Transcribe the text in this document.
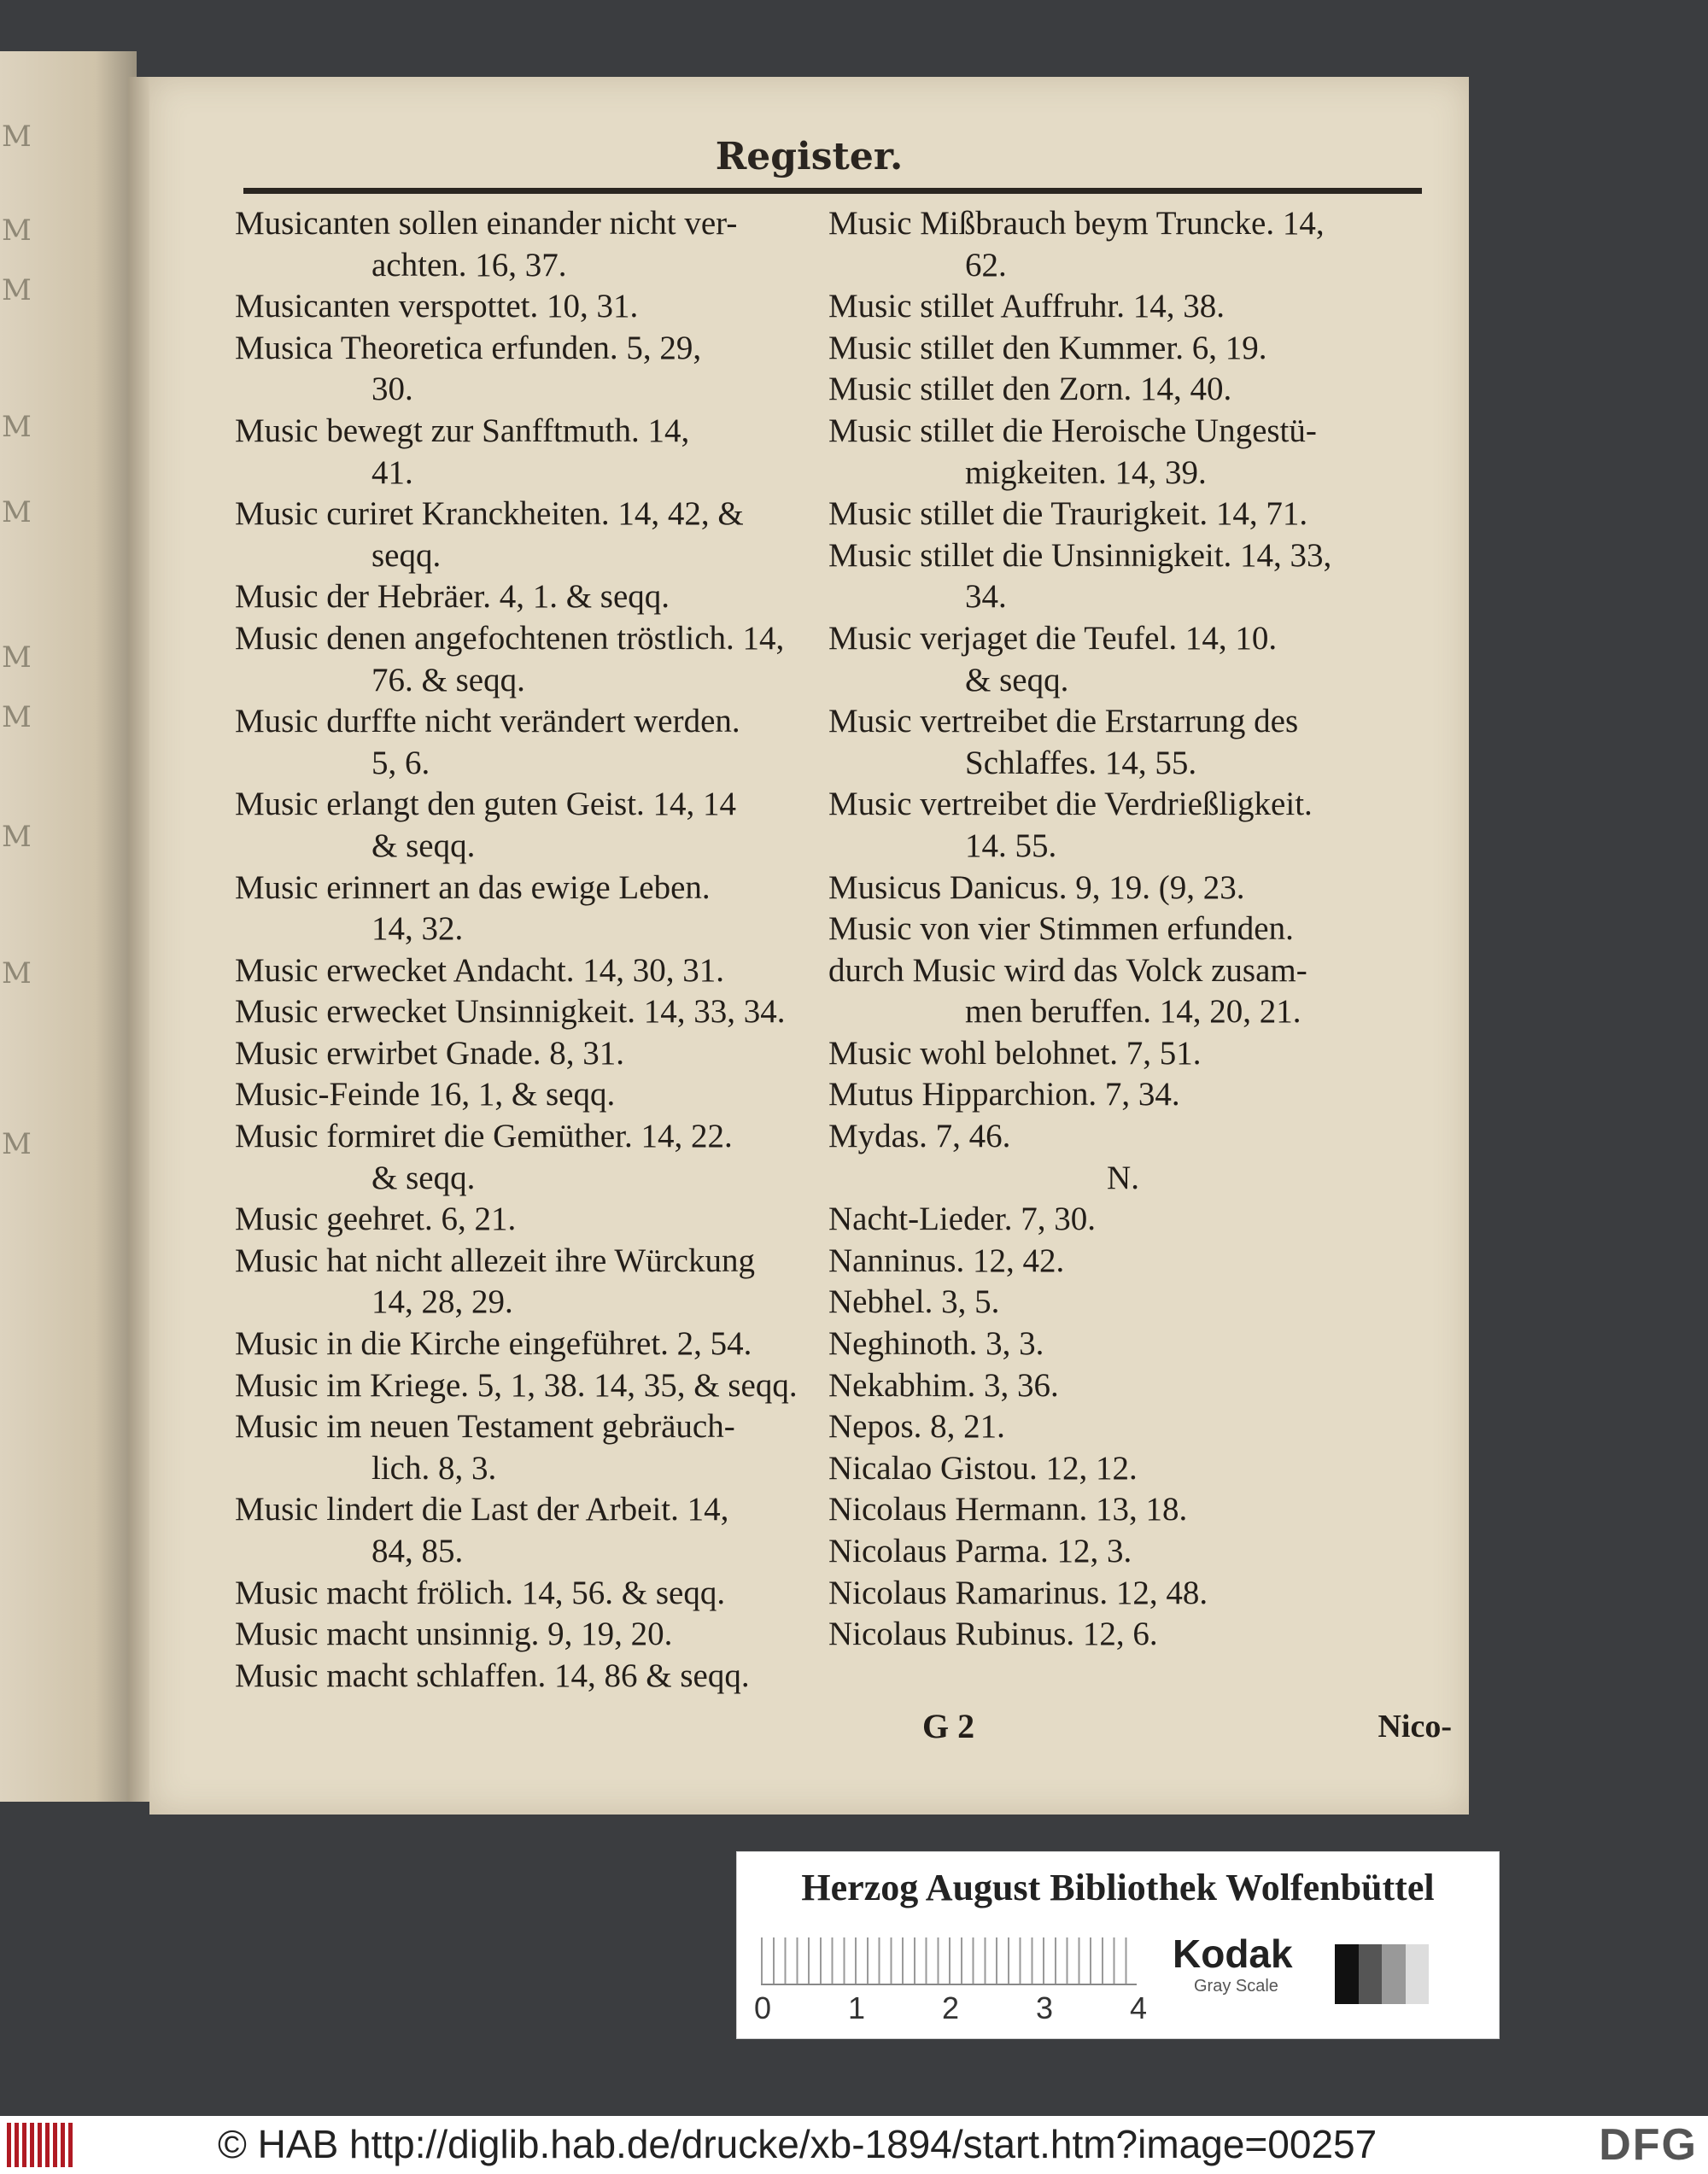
M
M
M
M
M
M
M
M
M
M
Register.
Musicanten sollen einander nicht ver-
achten. 16, 37.
Musicanten verspottet. 10, 31.
Musica Theoretica erfunden. 5, 29,
30.
Music bewegt zur Sanfftmuth. 14,
41.
Music curiret Kranckheiten. 14, 42, &
seqq.
Music der Hebräer. 4, 1. & seqq.
Music denen angefochtenen tröstlich. 14,
76. & seqq.
Music durffte nicht verändert werden.
5, 6.
Music erlangt den guten Geist. 14, 14
& seqq.
Music erinnert an das ewige Leben.
14, 32.
Music erwecket Andacht. 14, 30, 31.
Music erwecket Unsinnigkeit. 14, 33, 34.
Music erwirbet Gnade. 8, 31.
Music-Feinde 16, 1, & seqq.
Music formiret die Gemüther. 14, 22.
& seqq.
Music geehret. 6, 21.
Music hat nicht allezeit ihre Würckung
14, 28, 29.
Music in die Kirche eingeführet. 2, 54.
Music im Kriege. 5, 1, 38. 14, 35, & seqq.
Music im neuen Testament gebräuch-
lich. 8, 3.
Music lindert die Last der Arbeit. 14,
84, 85.
Music macht frölich. 14, 56. & seqq.
Music macht unsinnig. 9, 19, 20.
Music macht schlaffen. 14, 86 & seqq.
Music Mißbrauch beym Truncke. 14,
62.
Music stillet Auffruhr. 14, 38.
Music stillet den Kummer. 6, 19.
Music stillet den Zorn. 14, 40.
Music stillet die Heroische Ungestü-
migkeiten. 14, 39.
Music stillet die Traurigkeit. 14, 71.
Music stillet die Unsinnigkeit. 14, 33,
34.
Music verjaget die Teufel. 14, 10.
& seqq.
Music vertreibet die Erstarrung des
Schlaffes. 14, 55.
Music vertreibet die Verdrießligkeit.
14. 55.
Musicus Danicus. 9, 19. (9, 23.
Music von vier Stimmen erfunden.
durch Music wird das Volck zusam-
men beruffen. 14, 20, 21.
Music wohl belohnet. 7, 51.
Mutus Hipparchion. 7, 34.
Mydas. 7, 46.
N.
Nacht-Lieder. 7, 30.
Nanninus. 12, 42.
Nebhel. 3, 5.
Neghinoth. 3, 3.
Nekabhim. 3, 36.
Nepos. 8, 21.
Nicalao Gistou. 12, 12.
Nicolaus Hermann. 13, 18.
Nicolaus Parma. 12, 3.
Nicolaus Ramarinus. 12, 48.
Nicolaus Rubinus. 12, 6.
G 2	Nico-
Herzog August Bibliothek Wolfenbüttel
0 1 2 3 4
Kodak
Gray Scale
© HAB http://diglib.hab.de/drucke/xb-1894/start.htm?image=00257	DFG
